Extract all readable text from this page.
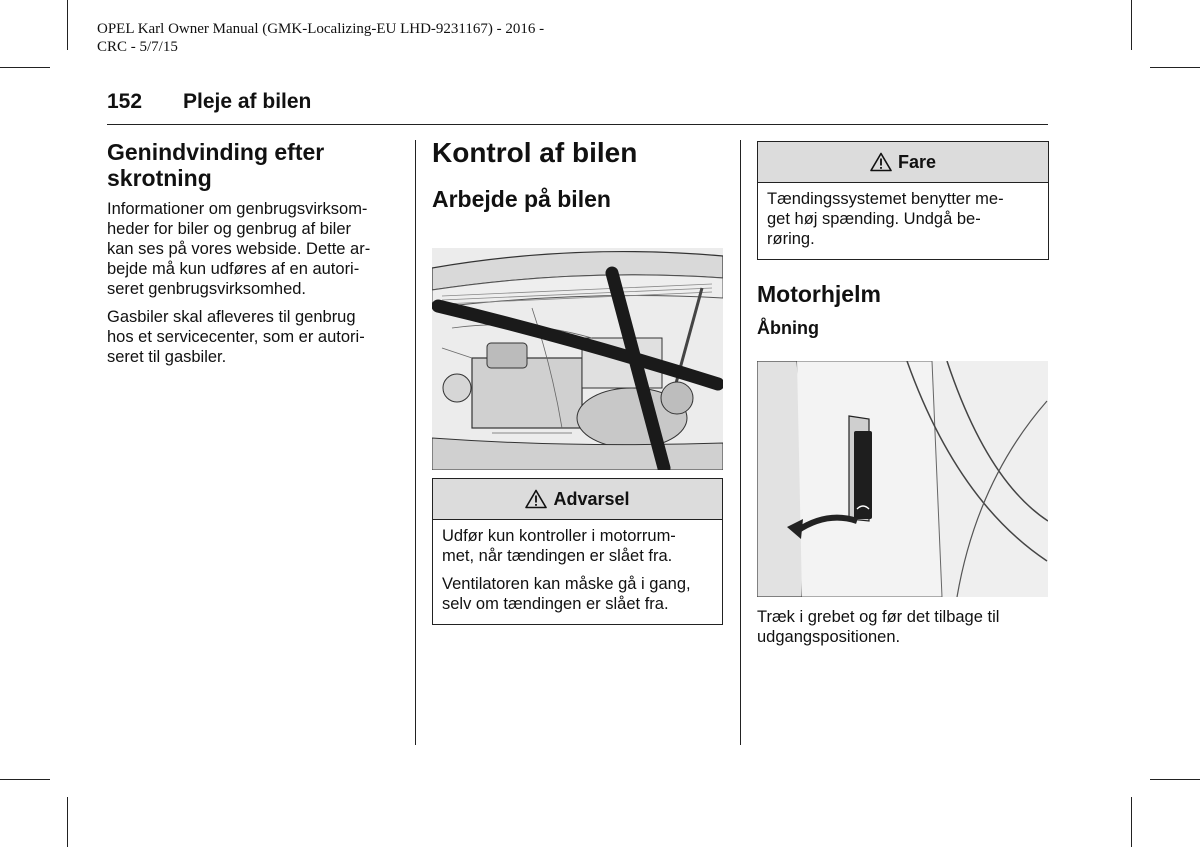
OPEL Karl Owner Manual (GMK-Localizing-EU LHD-9231167) - 2016 -
CRC - 5/7/15
152 Pleje af bilen
Genindvinding efter
skrotning

Informationer om genbrugsvirksom-
heder for biler og genbrug af biler
kan ses på vores webside. Dette ar-
bejde må kun udføres af en autori-
seret genbrugsvirksomhed.

Gasbiler skal afleveres til genbrug
hos et servicecenter, som er autori-
seret til gasbiler.

Kontrol af bilen
Arbejde på bilen
Advarsel

Udfør kun kontroller i motorrum-
met, når tændingen er slået fra.

Ventilatoren kan måske gå i gang,
selv om tændingen er slået fra.

Fare
Tændingssystemet benytter me-
get høj spænding. Undgå be-
røring.
Motorhjelm
Åbning
Træk i grebet og før det tilbage til
udgangspositionen.
